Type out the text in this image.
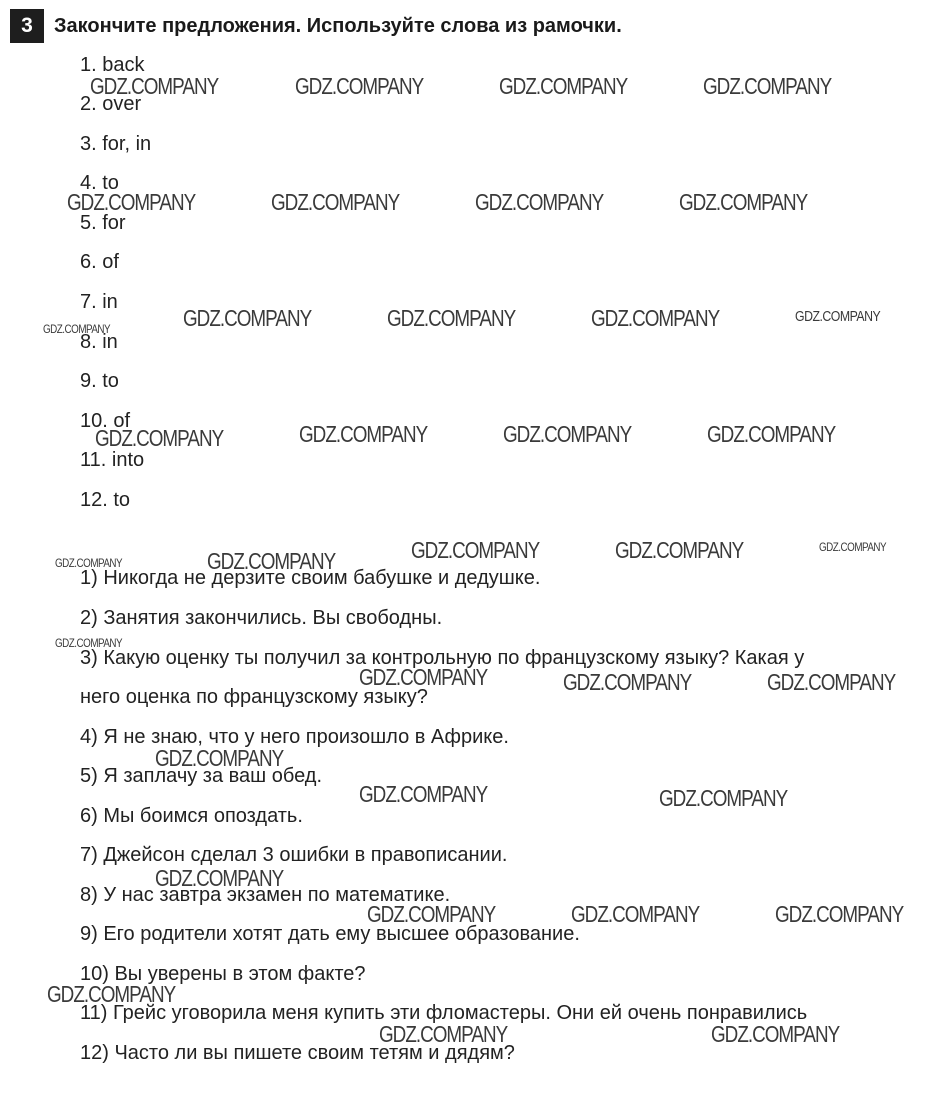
3	Закончите предложения. Используйте слова из рамочки.
1. back
2. over
3. for, in
4. to
5. for
6. of
7. in
8. in
9. to
10. of
11. into
12. to
1) Никогда не дерзите своим бабушке и дедушке.
2) Занятия закончились. Вы свободны.
3) Какую оценку ты получил за контрольную по французскому языку? Какая у
него оценка по французскому языку?
4) Я не знаю, что у него произошло в Африке.
5) Я заплачу за ваш обед.
6) Мы боимся опоздать.
7) Джейсон сделал 3 ошибки в правописании.
8) У нас завтра экзамен по математике.
9) Его родители хотят дать ему высшее образование.
10) Вы уверены в этом факте?
11) Грейс уговорила меня купить эти фломастеры. Они ей очень понравились
12) Часто ли вы пишете своим тетям и дядям?
GDZ.COMPANY	GDZ.COMPANY	GDZ.COMPANY	GDZ.COMPANY
GDZ.COMPANY	GDZ.COMPANY	GDZ.COMPANY	GDZ.COMPANY
GDZ.COMPANY	GDZ.COMPANY	GDZ.COMPANY	GDZ.COMPANY	GDZ.COMPANY
GDZ.COMPANY	GDZ.COMPANY	GDZ.COMPANY	GDZ.COMPANY
GDZ.COMPANY	GDZ.COMPANY	GDZ.COMPANY	GDZ.COMPANY	GDZ.COMPANY
GDZ.COMPANY
GDZ.COMPANY	GDZ.COMPANY	GDZ.COMPANY
GDZ.COMPANY
GDZ.COMPANY	GDZ.COMPANY
GDZ.COMPANY
GDZ.COMPANY	GDZ.COMPANY	GDZ.COMPANY
GDZ.COMPANY
GDZ.COMPANY	GDZ.COMPANY
